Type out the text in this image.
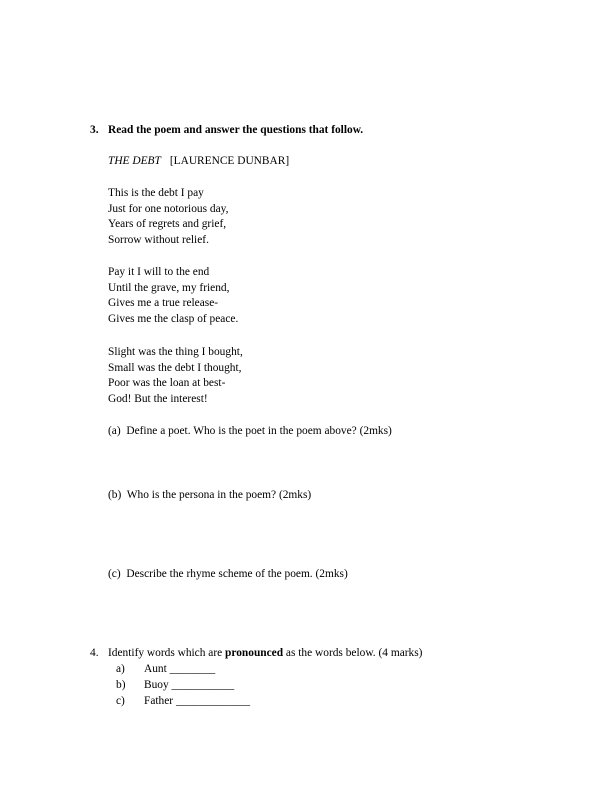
3. Read the poem and answer the questions that follow.
THE DEBT [LAURENCE DUNBAR]
This is the debt I pay
Just for one notorious day,
Years of regrets and grief,
Sorrow without relief.
Pay it I will to the end
Until the grave, my friend,
Gives me a true release-
Gives me the clasp of peace.
Slight was the thing I bought,
Small was the debt I thought,
Poor was the loan at best-
God! But the interest!
(a) Define a poet. Who is the poet in the poem above? (2mks)
(b) Who is the persona in the poem? (2mks)
(c) Describe the rhyme scheme of the poem. (2mks)
4. Identify words which are pronounced as the words below. (4 marks)
a) Aunt ________
b) Buoy ___________
c) Father _____________
